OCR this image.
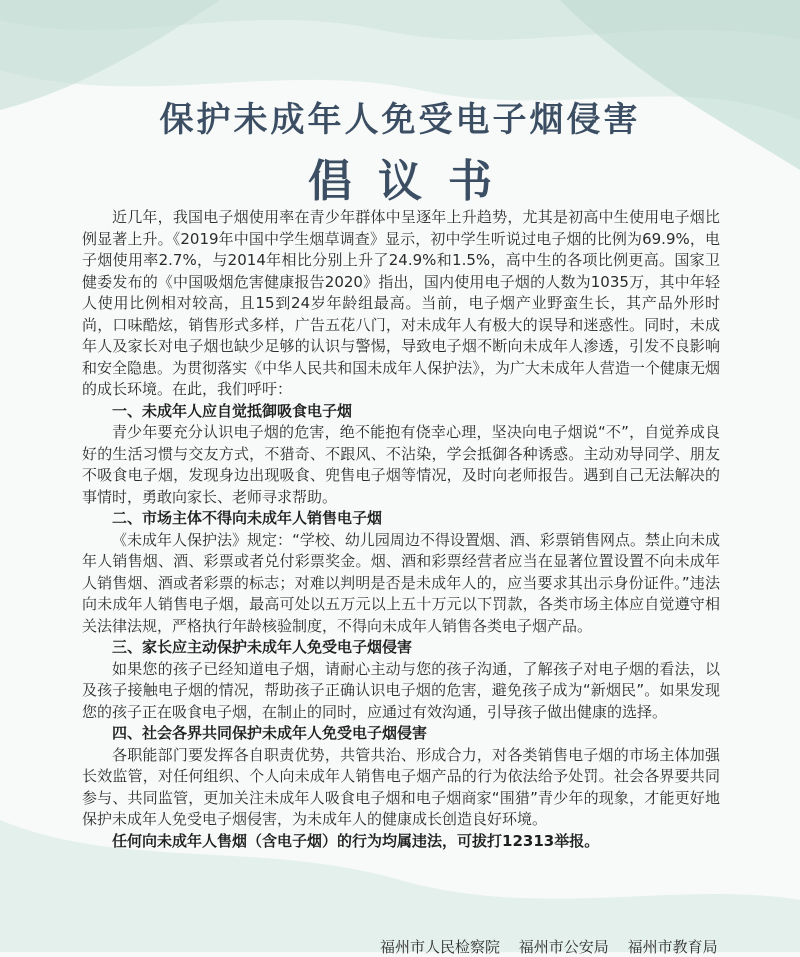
保护未成年人免受电子烟侵害
倡议书

近几年，我国电子烟使用率在青少年群体中呈逐年上升趋势，尤其是初高中生使用电子烟比例显著上升。《2019年中国中学生烟草调查》显示，初中学生听说过电子烟的比例为69.9%，电子烟使用率2.7%，与2014年相比分别上升了24.9%和1.5%，高中生的各项比例更高。国家卫健委发布的《中国吸烟危害健康报告2020》指出，国内使用电子烟的人数为1035万，其中年轻人使用比例相对较高，且15到24岁年龄组最高。当前，电子烟产业野蛮生长，其产品外形时尚，口味酷炫，销售形式多样，广告五花八门，对未成年人有极大的误导和迷惑性。同时，未成年人及家长对电子烟也缺少足够的认识与警惕，导致电子烟不断向未成年人渗透，引发不良影响和安全隐患。为贯彻落实《中华人民共和国未成年人保护法》，为广大未成年人营造一个健康无烟的成长环境。在此，我们呼吁：

一、未成年人应自觉抵御吸食电子烟

青少年要充分认识电子烟的危害，绝不能抱有侥幸心理，坚决向电子烟说“不”，自觉养成良好的生活习惯与交友方式，不猎奇、不跟风、不沾染，学会抵御各种诱惑。主动劝导同学、朋友不吸食电子烟，发现身边出现吸食、兜售电子烟等情况，及时向老师报告。遇到自己无法解决的事情时，勇敢向家长、老师寻求帮助。

二、市场主体不得向未成年人销售电子烟

《未成年人保护法》规定：“学校、幼儿园周边不得设置烟、酒、彩票销售网点。禁止向未成年人销售烟、酒、彩票或者兑付彩票奖金。烟、酒和彩票经营者应当在显著位置设置不向未成年人销售烟、酒或者彩票的标志；对难以判明是否是未成年人的，应当要求其出示身份证件。”违法向未成年人销售电子烟，最高可处以五万元以上五十万元以下罚款，各类市场主体应自觉遵守相关法律法规，严格执行年龄核验制度，不得向未成年人销售各类电子烟产品。

三、家长应主动保护未成年人免受电子烟侵害

如果您的孩子已经知道电子烟，请耐心主动与您的孩子沟通，了解孩子对电子烟的看法，以及孩子接触电子烟的情况，帮助孩子正确认识电子烟的危害，避免孩子成为“新烟民”。如果发现您的孩子正在吸食电子烟，在制止的同时，应通过有效沟通，引导孩子做出健康的选择。

四、社会各界共同保护未成年人免受电子烟侵害

各职能部门要发挥各自职责优势，共管共治、形成合力，对各类销售电子烟的市场主体加强长效监管，对任何组织、个人向未成年人销售电子烟产品的行为依法给予处罚。社会各界要共同参与、共同监管，更加关注未成年人吸食电子烟和电子烟商家“围猎”青少年的现象，才能更好地保护未成年人免受电子烟侵害，为未成年人的健康成长创造良好环境。

任何向未成年人售烟（含电子烟）的行为均属违法，可拔打12313举报。

福州市人民检察院 福州市公安局 福州市教育局
